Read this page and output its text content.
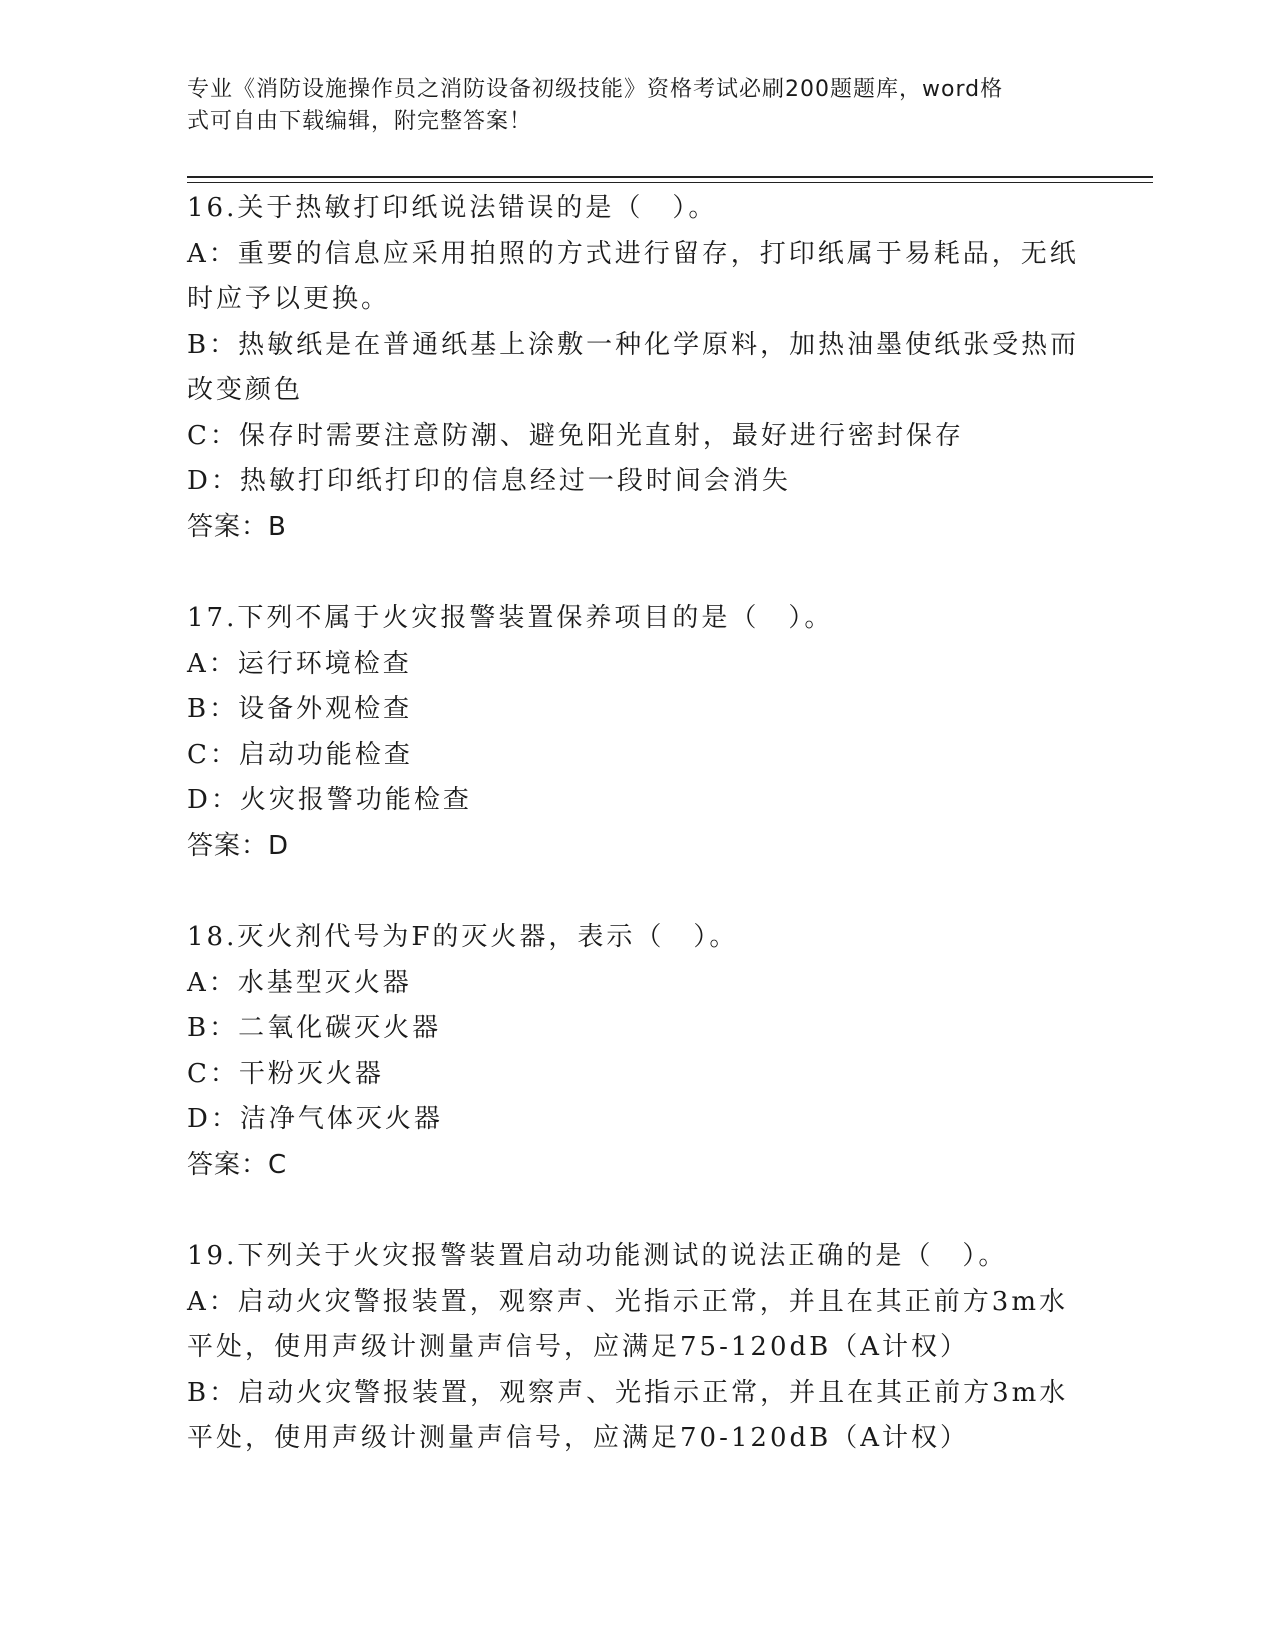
专业《消防设施操作员之消防设备初级技能》资格考试必刷200题题库，word格
式可自由下载编辑，附完整答案！
16.关于热敏打印纸说法错误的是（　）。
A：重要的信息应采用拍照的方式进行留存，打印纸属于易耗品，无纸
时应予以更换。
B：热敏纸是在普通纸基上涂敷一种化学原料，加热油墨使纸张受热而
改变颜色
C：保存时需要注意防潮、避免阳光直射，最好进行密封保存
D：热敏打印纸打印的信息经过一段时间会消失
答案：B
17.下列不属于火灾报警装置保养项目的是（　）。
A：运行环境检查
B：设备外观检查
C：启动功能检查
D：火灾报警功能检查
答案：D
18.灭火剂代号为F的灭火器，表示（　）。
A：水基型灭火器
B：二氧化碳灭火器
C：干粉灭火器
D：洁净气体灭火器
答案：C
19.下列关于火灾报警装置启动功能测试的说法正确的是（　）。
A：启动火灾警报装置，观察声、光指示正常，并且在其正前方3m水
平处，使用声级计测量声信号，应满足75-120dB（A计权）
B：启动火灾警报装置，观察声、光指示正常，并且在其正前方3m水
平处，使用声级计测量声信号，应满足70-120dB（A计权）
